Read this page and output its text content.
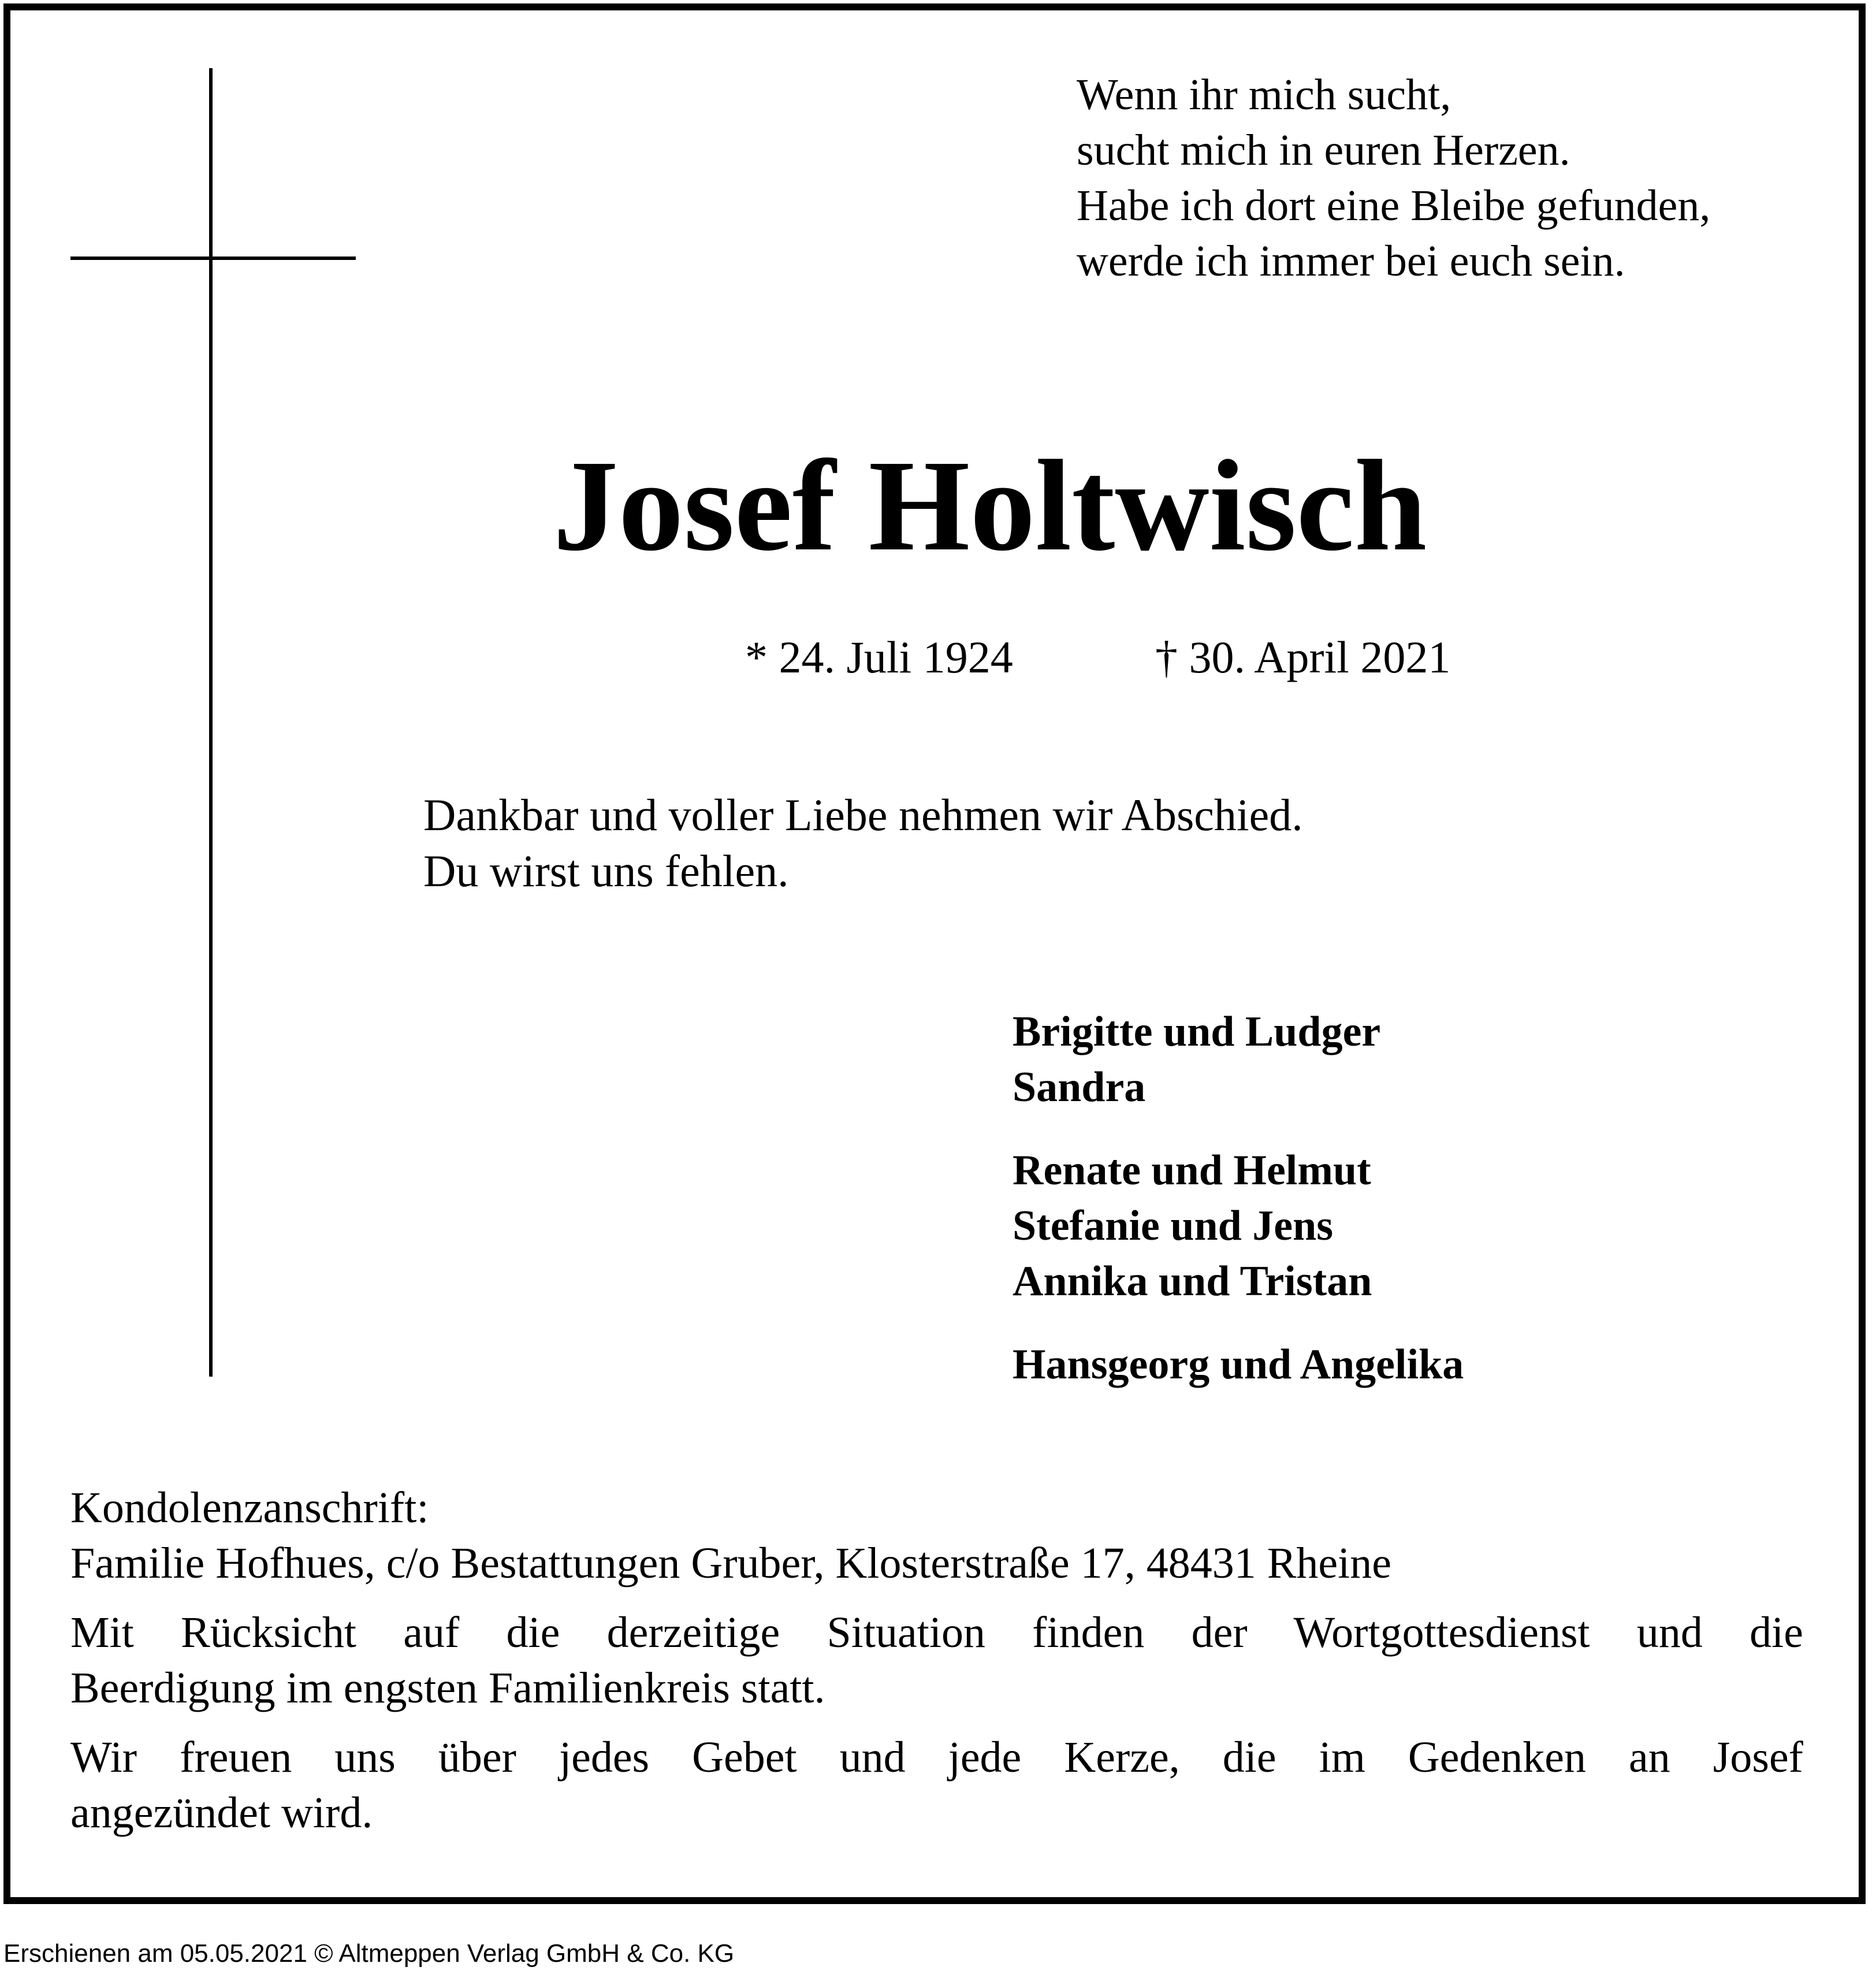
Wenn ihr mich sucht,
sucht mich in euren Herzen.
Habe ich dort eine Bleibe gefunden,
werde ich immer bei euch sein.
Josef Holtwisch
* 24. Juli 1924	† 30. April 2021
Dankbar und voller Liebe nehmen wir Abschied.
Du wirst uns fehlen.
Brigitte und Ludger
Sandra
Renate und Helmut
Stefanie und Jens
Annika und Tristan
Hansgeorg und Angelika
Kondolenzanschrift:
Familie Hofhues, c/o Bestattungen Gruber, Klosterstraße 17, 48431 Rheine
Mit Rücksicht auf die derzeitige Situation finden der Wortgottesdienst und die
Beerdigung im engsten Familienkreis statt.
Wir freuen uns über jedes Gebet und jede Kerze, die im Gedenken an Josef
angezündet wird.
Erschienen am 05.05.2021 © Altmeppen Verlag GmbH & Co. KG
